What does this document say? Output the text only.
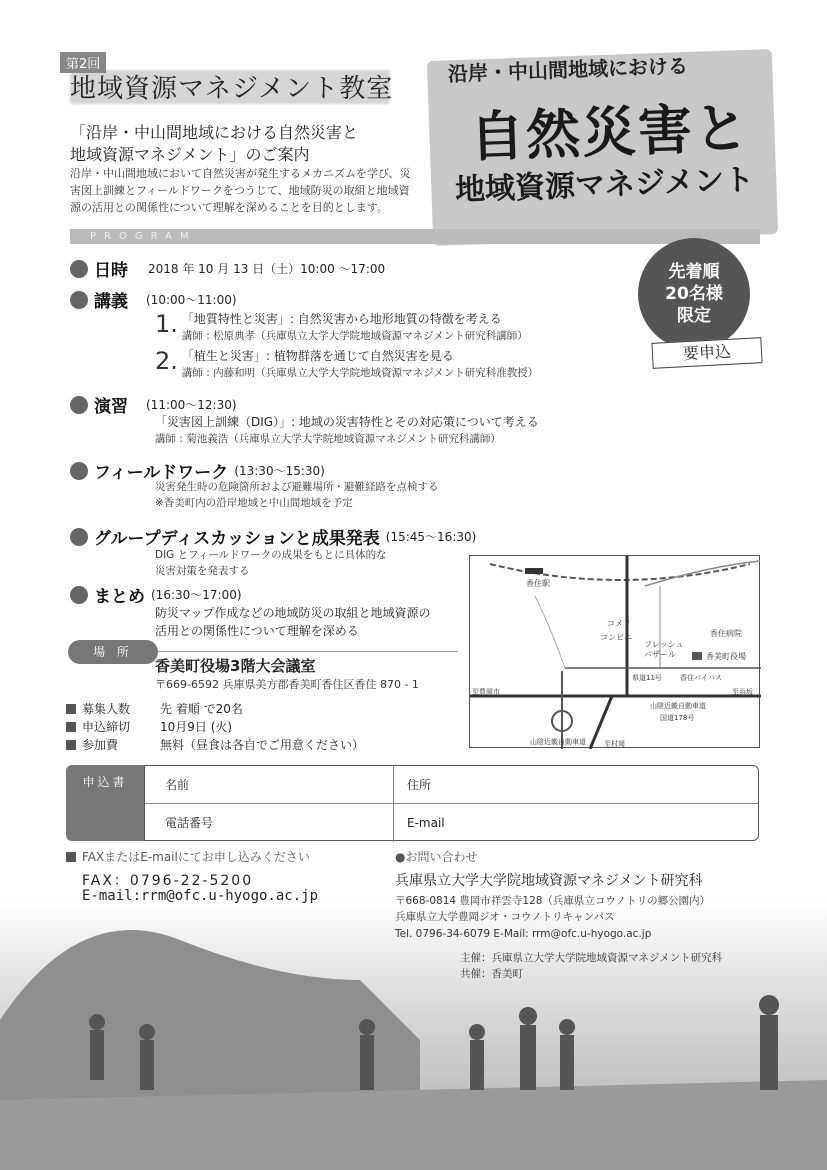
第2回
地域資源マネジメント教室
「沿岸・中山間地域における自然災害と
地域資源マネジメント」のご案内
沿岸・中山間地域において自然災害が発生するメカニズムを学び、災害図上訓練とフィールドワークをつうじて、地域防災の取組と地域資源の活用との関係性について理解を深めることを目的とします。
沿岸・中山間地域における
自然災害と
地域資源マネジメント
PROGRAM
先着順
20名様
限定
要申込
日時 2018 年 10 月 13 日（土）10:00 ～17:00
講義 (10:00～11:00)
1. 「地質特性と災害」: 自然災害から地形地質の特徴を考える
講師 : 松原典孝（兵庫県立大学大学院地域資源マネジメント研究科講師）
2. 「植生と災害」: 植物群落を通じて自然災害を見る
講師 : 内藤和明（兵庫県立大学大学院地域資源マネジメント研究科准教授）
演習 (11:00～12:30)
「災害図上訓練（DIG）」: 地域の災害特性とその対応策について考える
講師 : 菊池義浩（兵庫県立大学大学院地域資源マネジメント研究科講師）
フィールドワーク (13:30～15:30)
災害発生時の危険箇所および避難場所・避難経路を点検する
※香美町内の沿岸地域と中山間地域を予定
グループディスカッションと成果発表 (15:45～16:30)
DIG とフィールドワークの成果をもとに具体的な
災害対策を発表する
まとめ (16:30～17:00)
防災マップ作成などの地域防災の取組と地域資源の
活用との関係性について理解を深める
場 所
香美町役場3階大会議室
〒669-6592 兵庫県美方郡香美町香住区香住 870 - 1
募集人数	先 着順 で20名
申込締切	10月9日 (火)
参加費	無料（昼食は各自でご用意ください）
香住駅
コメリ
コンビニ
フレッシュバザール	香美町役場
香住病院
県道11号	香住バイパス
山陰近畿自動車道
国道178号
至豊岡市	至浜坂
山陰近畿自動車道	至村岡
申込書	名前	住所
電話番号	E-mail
FAXまたはE-mailにてお申し込みください
FAX：0796-22-5200
E-mail:rrm@ofc.u-hyogo.ac.jp
●お問い合わせ
兵庫県立大学大学院地域資源マネジメント研究科
〒668-0814 豊岡市祥雲寺128（兵庫県立コウノトリの郷公園内）
兵庫県立大学豊岡ジオ・コウノトリキャンパス
Tel. 0796-34-6079 E-Mail: rrm@ofc.u-hyogo.ac.jp
主催：兵庫県立大学大学院地域資源マネジメント研究科
共催：香美町
